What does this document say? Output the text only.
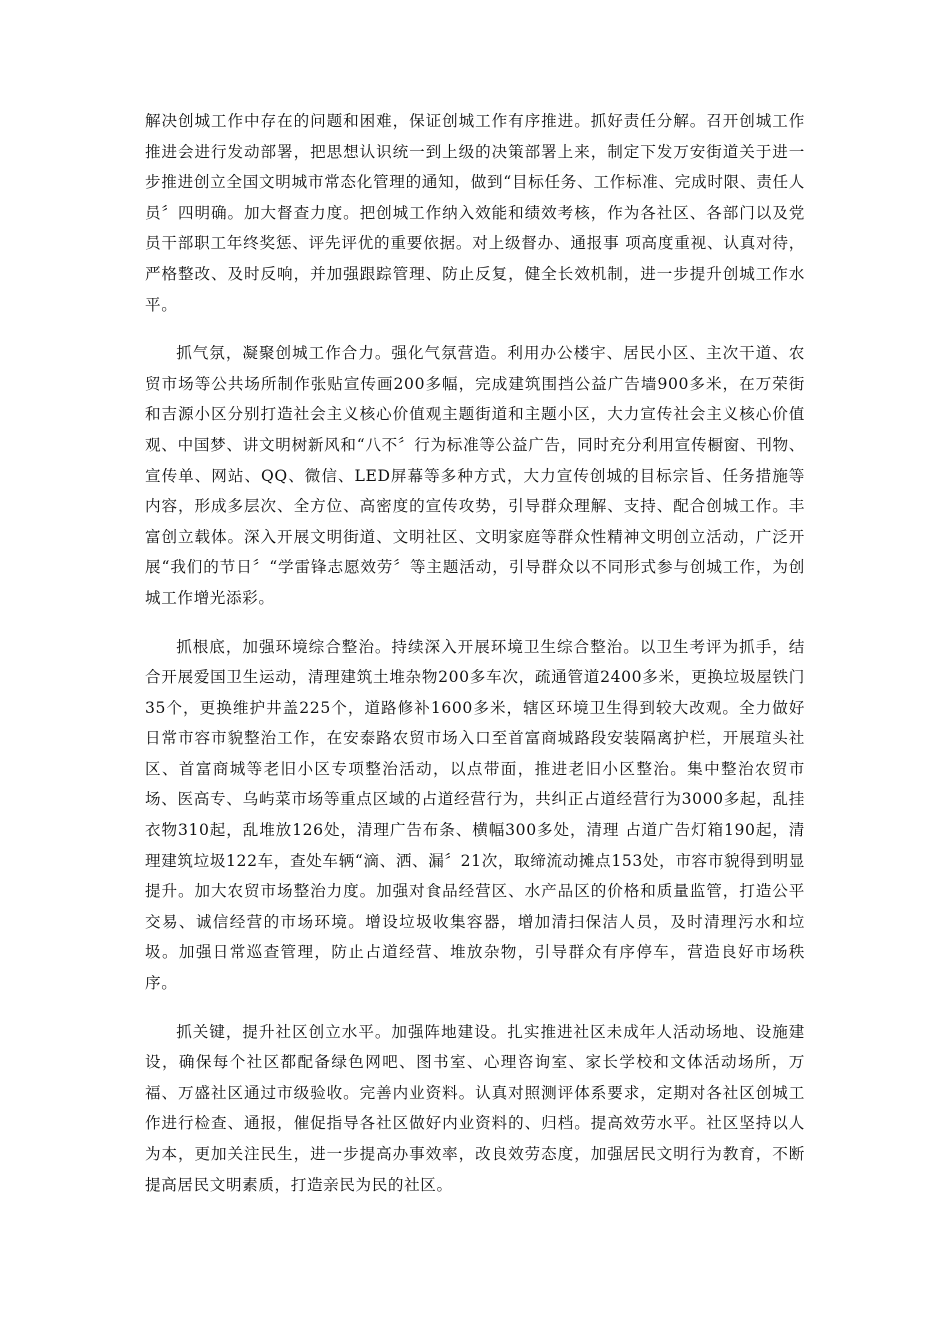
解决创城工作中存在的问题和困难，保证创城工作有序推进。抓好责任分解。召开创城工作推进会进行发动部署，把思想认识统一到上级的决策部署上来，制定下发万安街道关于进一步推进创立全国文明城市常态化管理的通知，做到“目标任务、工作标准、完成时限、责任人员〞四明确。加大督查力度。把创城工作纳入效能和绩效考核，作为各社区、各部门以及党员干部职工年终奖惩、评先评优的重要依据。对上级督办、通报事 项高度重视、认真对待，严格整改、及时反响，并加强跟踪管理、防止反复，健全长效机制，进一步提升创城工作水平。

抓气氛，凝聚创城工作合力。强化气氛营造。利用办公楼宇、居民小区、主次干道、农贸市场等公共场所制作张贴宣传画200多幅，完成建筑围挡公益广告墙900多米，在万荣街和吉源小区分别打造社会主义核心价值观主题街道和主题小区，大力宣传社会主义核心价值观、中国梦、讲文明树新风和“八不〞行为标准等公益广告，同时充分利用宣传橱窗、刊物、宣传单、网站、QQ、微信、LED屏幕等多种方式，大力宣传创城的目标宗旨、任务措施等内容，形成多层次、全方位、高密度的宣传攻势，引导群众理解、支持、配合创城工作。丰富创立载体。深入开展文明街道、文明社区、文明家庭等群众性精神文明创立活动，广泛开展“我们的节日〞“学雷锋志愿效劳〞等主题活动，引导群众以不同形式参与创城工作，为创城工作增光添彩。

抓根底，加强环境综合整治。持续深入开展环境卫生综合整治。以卫生考评为抓手，结合开展爱国卫生运动，清理建筑土堆杂物200多车次，疏通管道2400多米，更换垃圾屋铁门35个，更换维护井盖225个，道路修补1600多米，辖区环境卫生得到较大改观。全力做好日常市容市貌整治工作，在安泰路农贸市场入口至首富商城路段安装隔离护栏，开展瑄头社区、首富商城等老旧小区专项整治活动，以点带面，推进老旧小区整治。集中整治农贸市场、医高专、乌屿菜市场等重点区域的占道经营行为，共纠正占道经营行为3000多起，乱挂衣物310起，乱堆放126处，清理广告布条、横幅300多处，清理 占道广告灯箱190起，清理建筑垃圾122车，查处车辆“滴、洒、漏〞21次，取缔流动摊点153处，市容市貌得到明显提升。加大农贸市场整治力度。加强对食品经营区、水产品区的价格和质量监管，打造公平交易、诚信经营的市场环境。增设垃圾收集容器，增加清扫保洁人员，及时清理污水和垃圾。加强日常巡查管理，防止占道经营、堆放杂物，引导群众有序停车，营造良好市场秩序。

抓关键，提升社区创立水平。加强阵地建设。扎实推进社区未成年人活动场地、设施建设，确保每个社区都配备绿色网吧、图书室、心理咨询室、家长学校和文体活动场所，万福、万盛社区通过市级验收。完善内业资料。认真对照测评体系要求，定期对各社区创城工作进行检查、通报，催促指导各社区做好内业资料的、归档。提高效劳水平。社区坚持以人为本，更加关注民生，进一步提高办事效率，改良效劳态度，加强居民文明行为教育，不断提高居民文明素质，打造亲民为民的社区。
